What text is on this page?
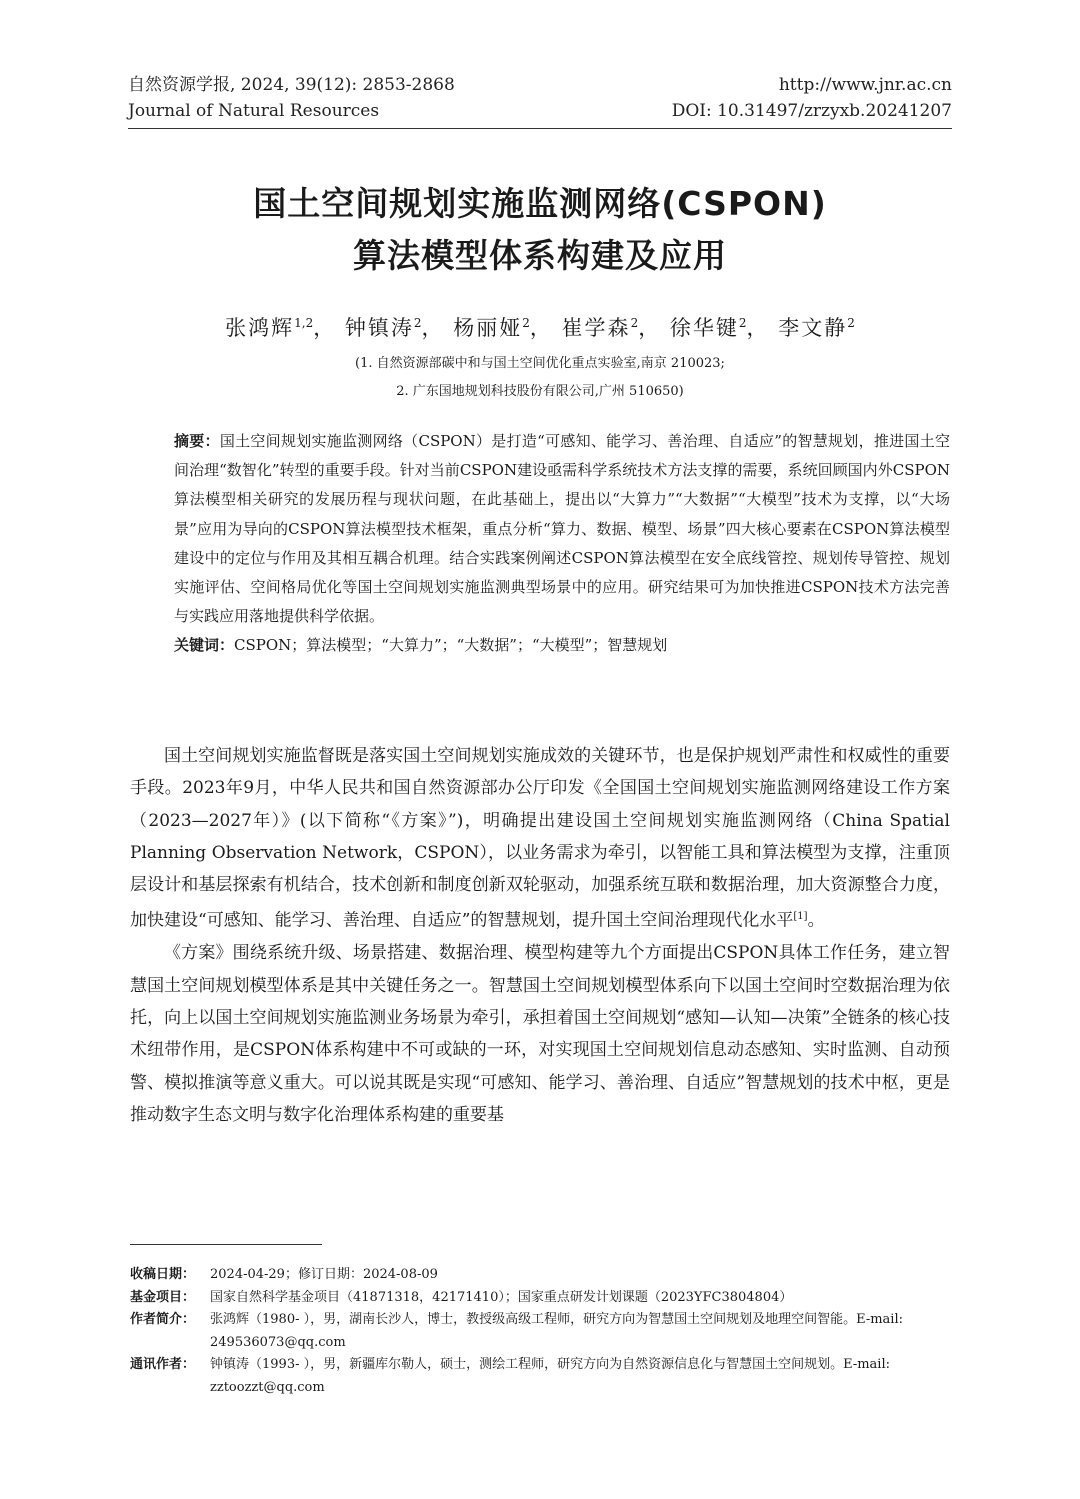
自然资源学报, 2024, 39(12): 2853-2868
Journal of Natural Resources
http://www.jnr.ac.cn
DOI: 10.31497/zrzyxb.20241207
国土空间规划实施监测网络(CSPON)
算法模型体系构建及应用
张鸿辉$^{1,2}$， 钟镇涛$^2$， 杨丽娅$^2$， 崔学森$^2$， 徐华键$^2$， 李文静$^2$
(1. 自然资源部碳中和与国土空间优化重点实验室,南京 210023;
2. 广东国地规划科技股份有限公司,广州 510650)

摘要：国土空间规划实施监测网络（CSPON）是打造“可感知、能学习、善治理、自适应”的智慧规划，推进国土空间治理“数智化”转型的重要手段。针对当前CSPON建设亟需科学系统技术方法支撑的需要，系统回顾国内外CSPON算法模型相关研究的发展历程与现状问题，在此基础上，提出以“大算力”“大数据”“大模型”技术为支撑，以“大场景”应用为导向的CSPON算法模型技术框架，重点分析“算力、数据、模型、场景”四大核心要素在CSPON算法模型建设中的定位与作用及其相互耦合机理。结合实践案例阐述CSPON算法模型在安全底线管控、规划传导管控、规划实施评估、空间格局优化等国土空间规划实施监测典型场景中的应用。研究结果可为加快推进CSPON技术方法完善与实践应用落地提供科学依据。

关键词：CSPON；算法模型；“大算力”；“大数据”；“大模型”；智慧规划

国土空间规划实施监督既是落实国土空间规划实施成效的关键环节，也是保护规划严肃性和权威性的重要手段。2023年9月，中华人民共和国自然资源部办公厅印发《全国国土空间规划实施监测网络建设工作方案（2023—2027年）》(以下简称“《方案》”)，明确提出建设国土空间规划实施监测网络（China Spatial Planning Observation Network，CSPON），以业务需求为牵引，以智能工具和算法模型为支撑，注重顶层设计和基层探索有机结合，技术创新和制度创新双轮驱动，加强系统互联和数据治理，加大资源整合力度，加快建设“可感知、能学习、善治理、自适应”的智慧规划，提升国土空间治理现代化水平[1]。

《方案》围绕系统升级、场景搭建、数据治理、模型构建等九个方面提出CSPON具体工作任务，建立智慧国土空间规划模型体系是其中关键任务之一。智慧国土空间规划模型体系向下以国土空间时空数据治理为依托，向上以国土空间规划实施监测业务场景为牵引，承担着国土空间规划“感知—认知—决策”全链条的核心技术纽带作用，是CSPON体系构建中不可或缺的一环，对实现国土空间规划信息动态感知、实时监测、自动预警、模拟推演等意义重大。可以说其既是实现“可感知、能学习、善治理、自适应”智慧规划的技术中枢，更是推动数字生态文明与数字化治理体系构建的重要基

收稿日期：	2024-04-29；修订日期：2024-08-09
基金项目：	国家自然科学基金项目（41871318，42171410）；国家重点研发计划课题（2023YFC3804804）
作者简介：	张鸿辉（1980- ），男，湖南长沙人，博士，教授级高级工程师，研究方向为智慧国土空间规划及地理空间智能。E-mail: 249536073@qq.com
通讯作者：	钟镇涛（1993- ），男，新疆库尔勒人，硕士，测绘工程师，研究方向为自然资源信息化与智慧国土空间规划。E-mail: zztoozzt@qq.com
